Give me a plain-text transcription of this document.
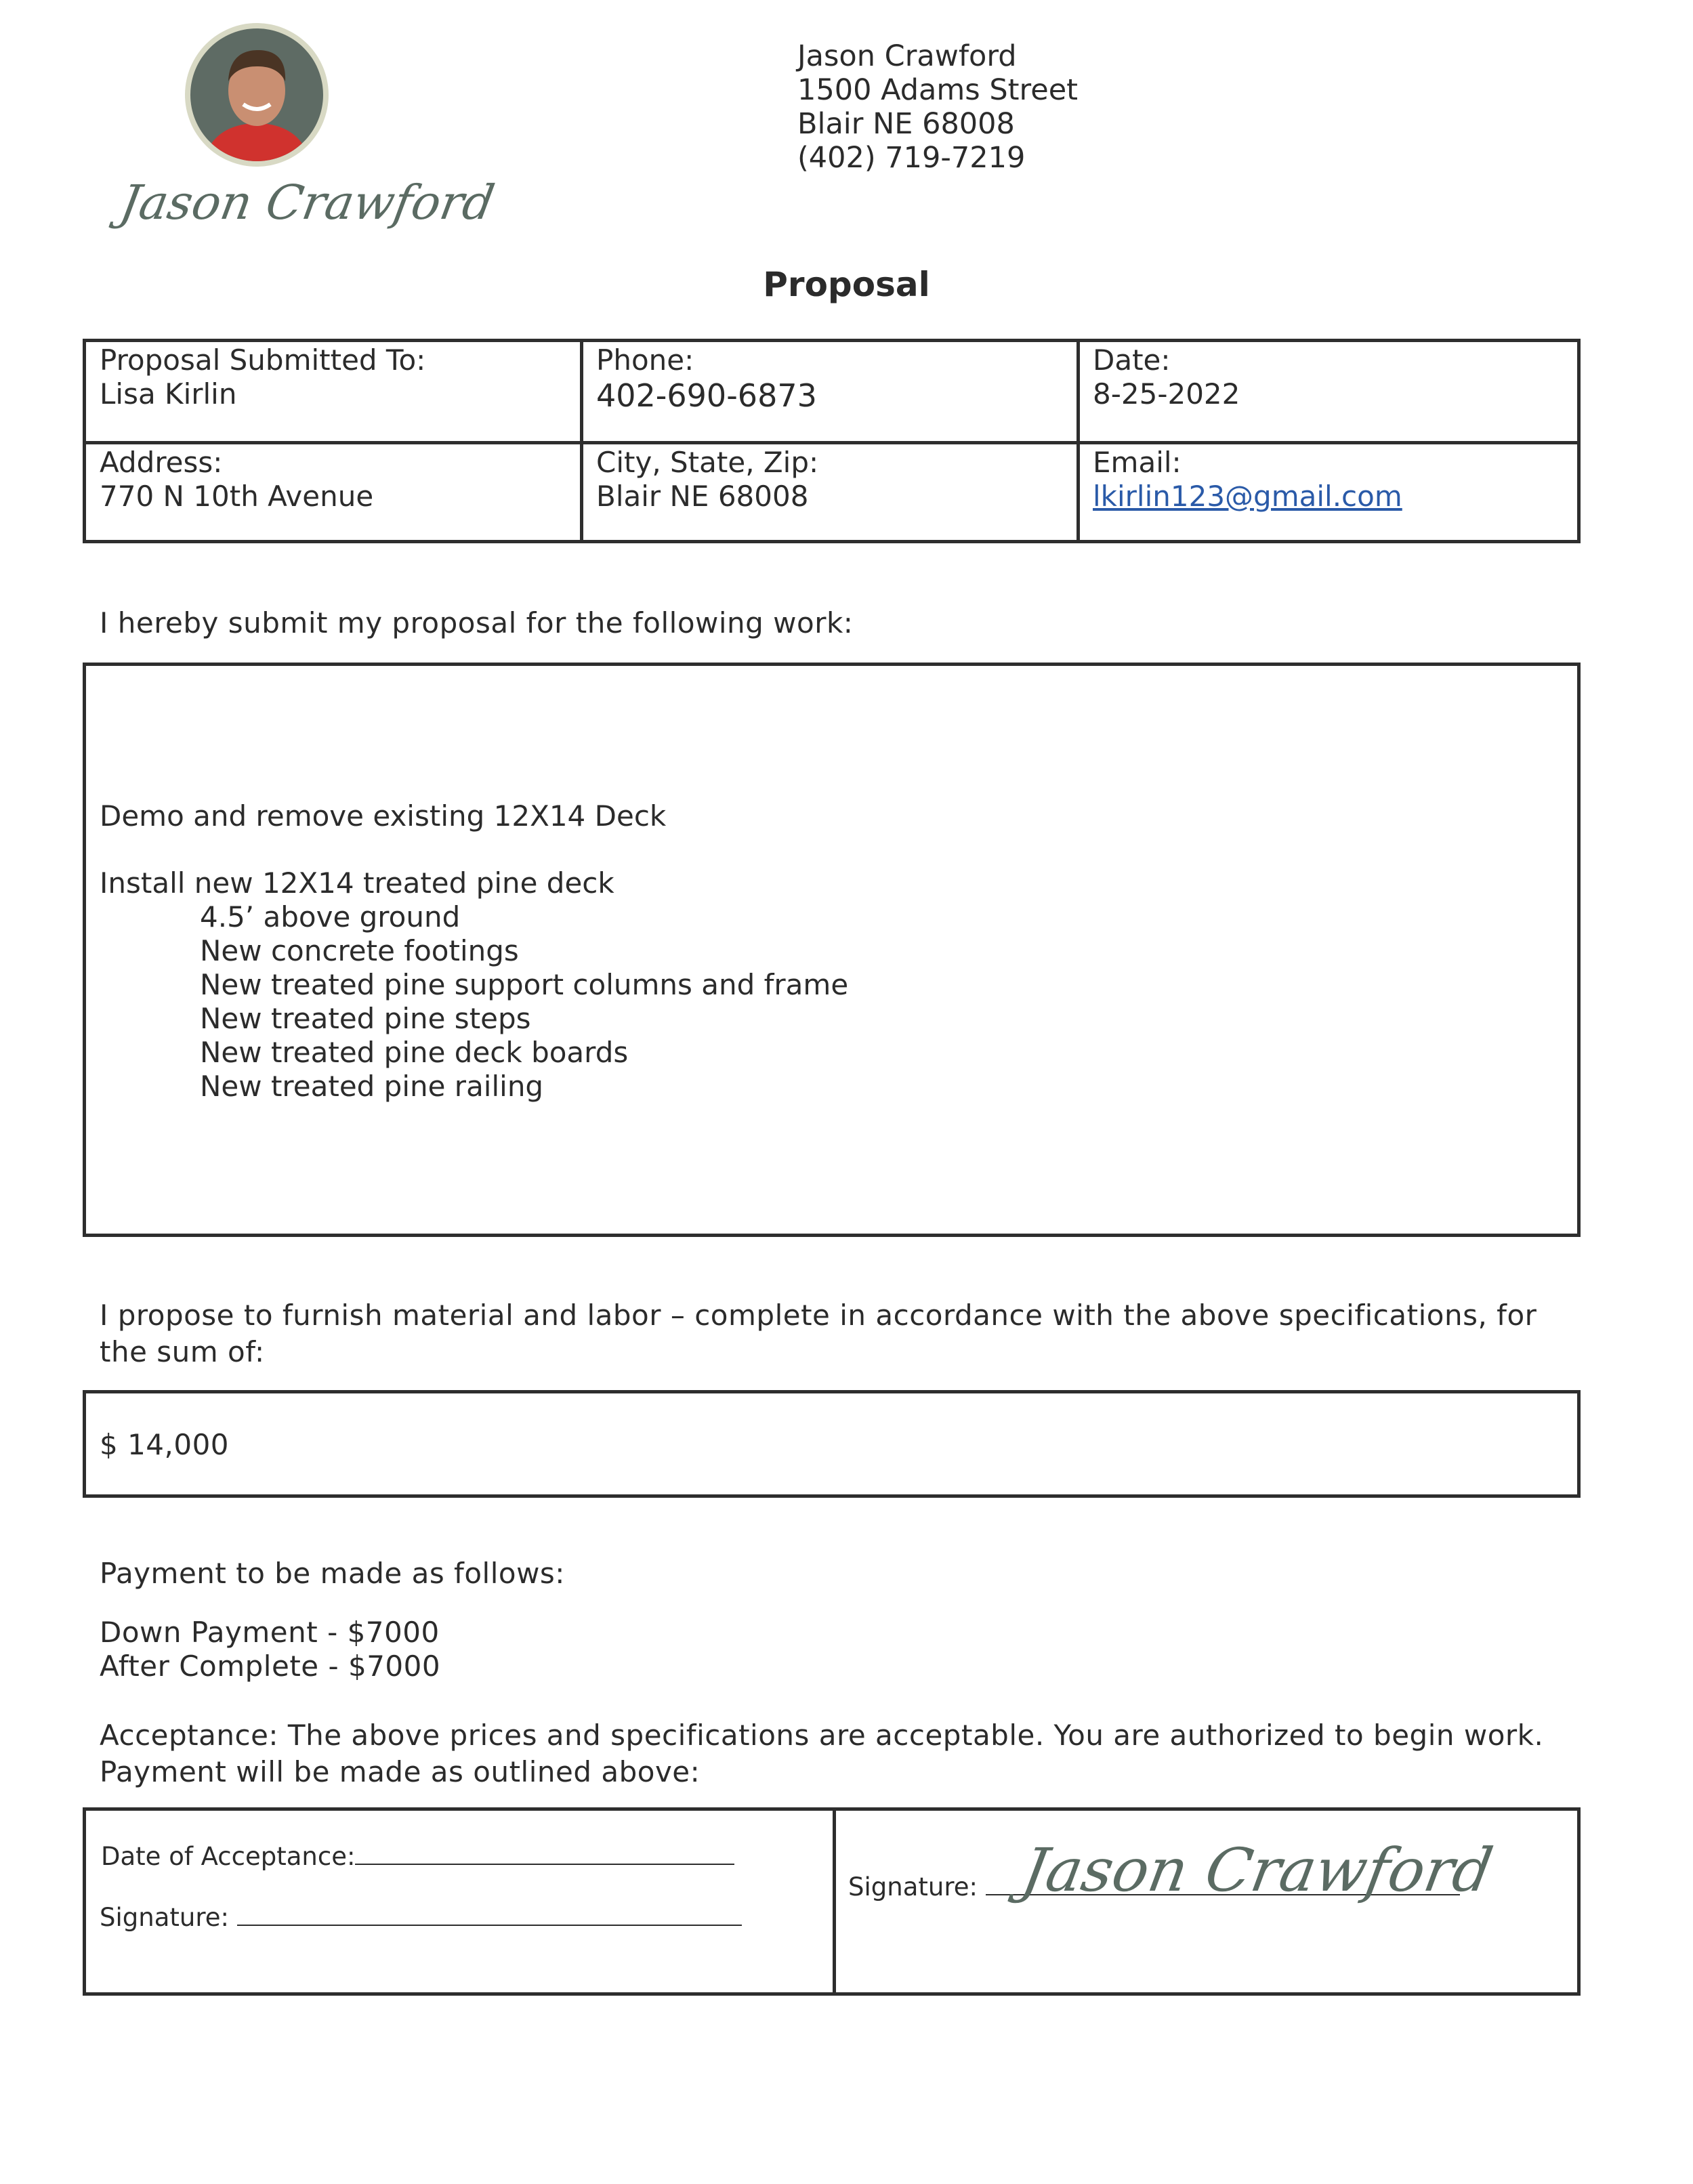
Jason Crawford
Jason Crawford
1500 Adams Street
Blair NE 68008
(402) 719-7219
Proposal
Proposal Submitted To:
Lisa Kirlin
Phone:
402-690-6873
Date:
8-25-2022
Address:
770 N 10th Avenue
City, State, Zip:
Blair NE 68008
Email:
lkirlin123@gmail.com
I hereby submit my proposal for the following work:
Demo and remove existing 12X14 Deck
Install new 12X14 treated pine deck
4.5’ above ground
New concrete footings
New treated pine support columns and frame
New treated pine steps
New treated pine deck boards
New treated pine railing
I propose to furnish material and labor – complete in accordance with the above specifications, for the sum of:
$ 14,000
Payment to be made as follows:
Down Payment - $7000
After Complete - $7000
Acceptance: The above prices and specifications are acceptable. You are authorized to begin work. Payment will be made as outlined above:
Date of Acceptance:
Signature:
Signature: Jason Crawford
